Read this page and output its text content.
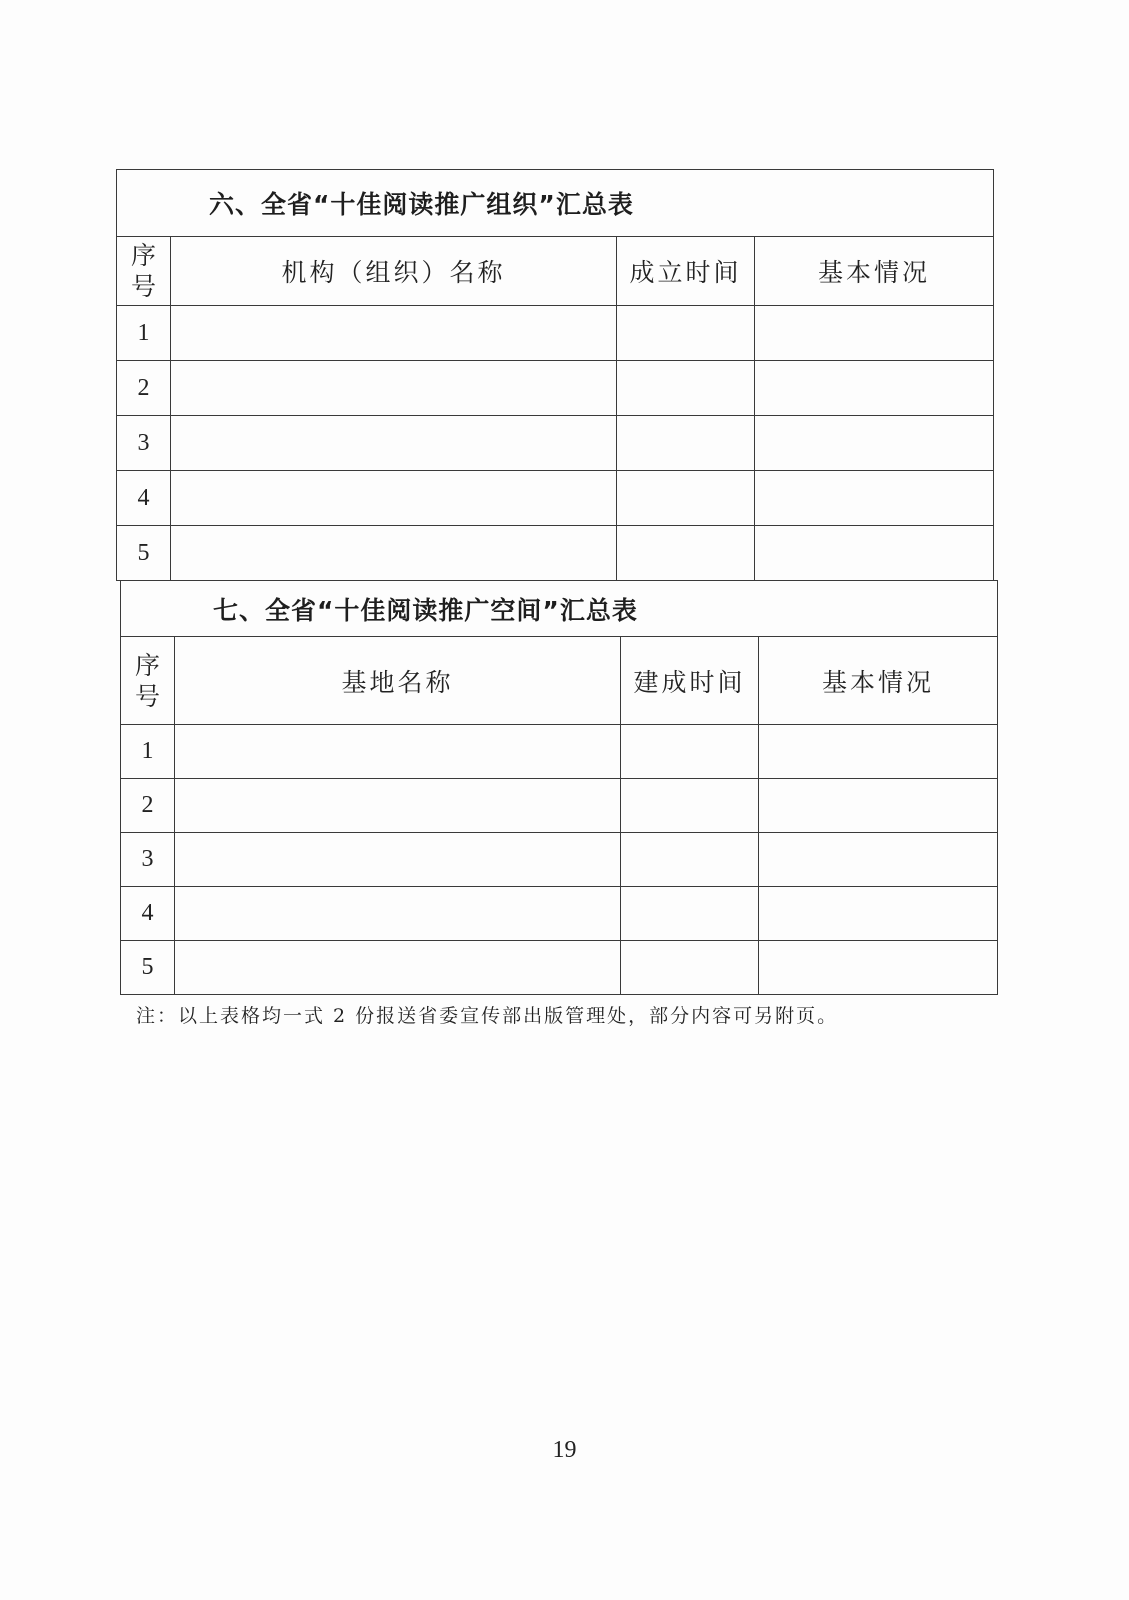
六、全省“十佳阅读推广组织”汇总表			
序
号	机构（组织）名称	成立时间	基本情况
1			
2			
3			
4			
5			
七、全省“十佳阅读推广空间”汇总表			
序
号	基地名称	建成时间	基本情况
1			
2			
3			
4			
5			
注：以上表格均一式 2 份报送省委宣传部出版管理处，部分内容可另附页。
19
